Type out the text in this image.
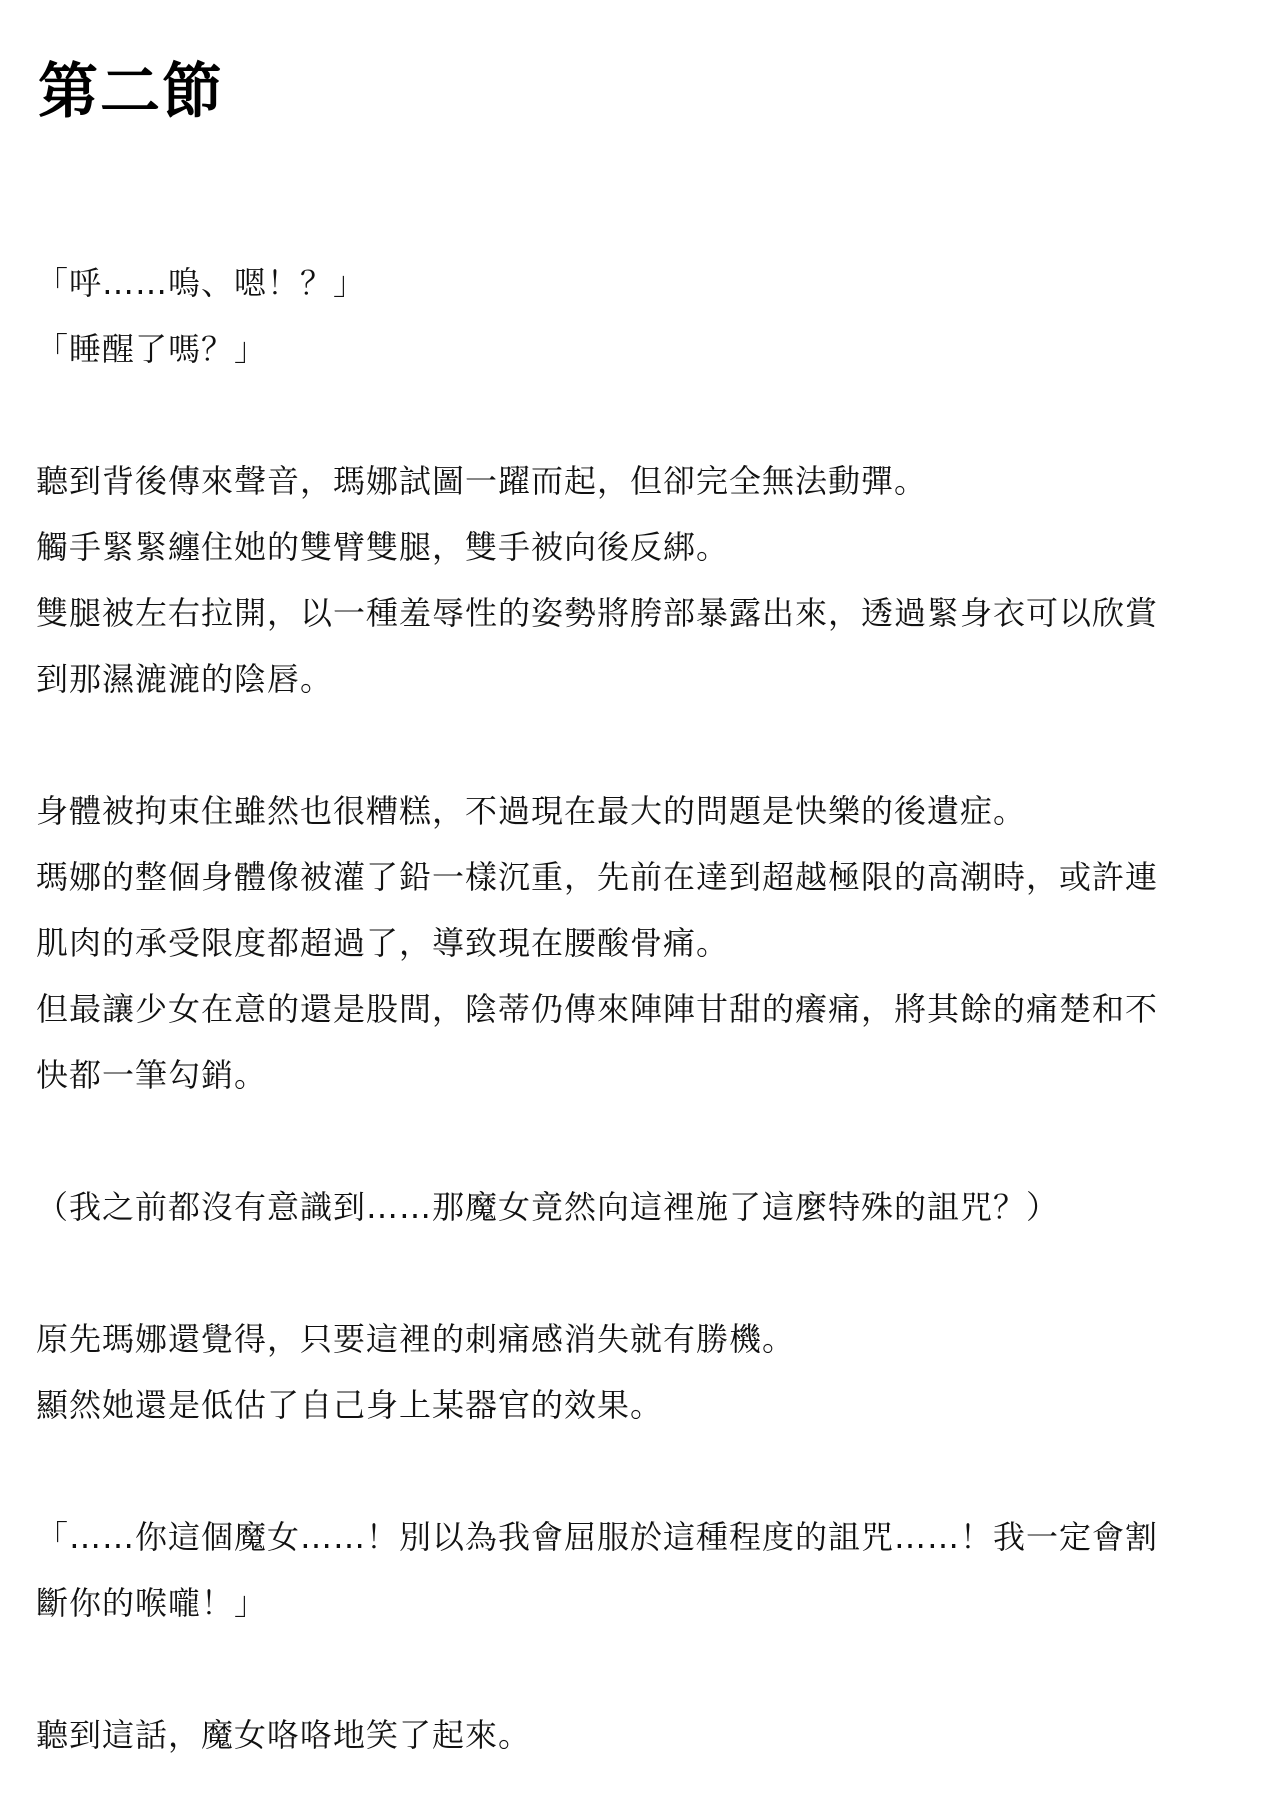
第二節

「呼……嗚、嗯！？」

「睡醒了嗎？」

聽到背後傳來聲音，瑪娜試圖一躍而起，但卻完全無法動彈。

觸手緊緊纏住她的雙臂雙腿，雙手被向後反綁。

雙腿被左右拉開，以一種羞辱性的姿勢將胯部暴露出來，透過緊身衣可以欣賞

到那濕漉漉的陰唇。

身體被拘束住雖然也很糟糕，不過現在最大的問題是快樂的後遺症。

瑪娜的整個身體像被灌了鉛一樣沉重，先前在達到超越極限的高潮時，或許連

肌肉的承受限度都超過了，導致現在腰酸骨痛。

但最讓少女在意的還是股間，陰蒂仍傳來陣陣甘甜的癢痛，將其餘的痛楚和不

快都一筆勾銷。

（我之前都沒有意識到……那魔女竟然向這裡施了這麼特殊的詛咒？）

原先瑪娜還覺得，只要這裡的刺痛感消失就有勝機。

顯然她還是低估了自己身上某器官的效果。

「……你這個魔女……！別以為我會屈服於這種程度的詛咒……！我一定會割

斷你的喉嚨！」

聽到這話，魔女咯咯地笑了起來。
